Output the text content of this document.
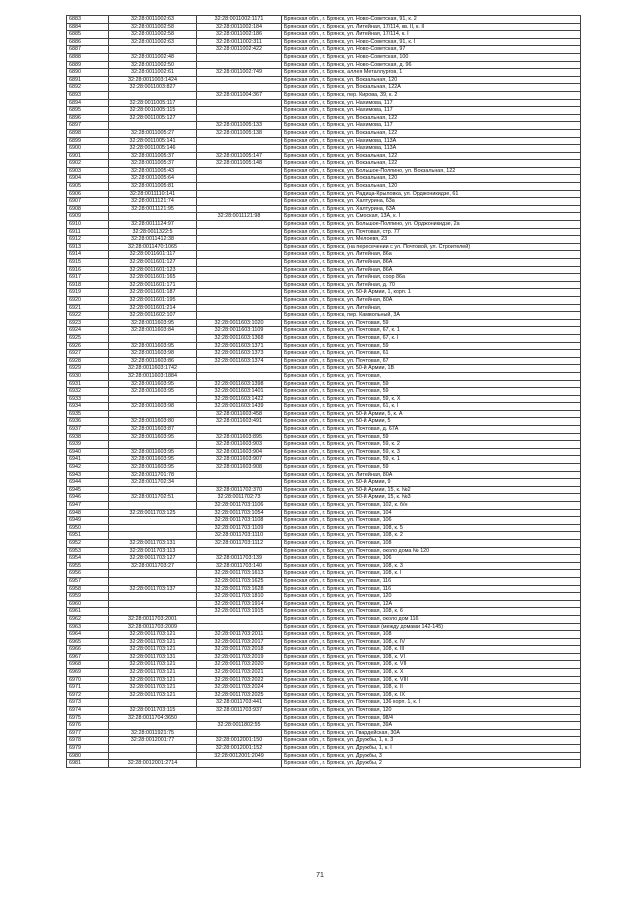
6883	32:28:0011002:63	32:28:0011002:1171	Брянская обл., г. Брянск, ул. Ново-Советская, 91, к. 2
6884	32:28:0011002:58	32:28:0011002:184	Брянская обл., г. Брянск, ул. Литейная, 17/114, кв. II, к. II
6885	32:28:0011002:58	32:28:0011002:186	Брянская обл., г. Брянск, ул. Литейная, 17/114, к. I
6886	32:28:0011002:63	32:28:0011002:311	Брянская обл., г. Брянск, ул. Ново-Советская, 91, к. I
6887		32:28:0011002:422	Брянская обл., г. Брянск, ул. Ново-Советская, 97
6888	32:28:0011002:48		Брянская обл., г. Брянск, ул. Ново-Советская, 100
6889	32:28:0011002:50		Брянская обл., г. Брянск, ул. Ново-Советская, д. 96
6890	32:28:0011002:61	32:28:0011002:749	Брянская обл., г. Брянск, аллея Металлургов, 1
6891	32:28:0011003:1424		Брянская обл., г. Брянск, ул. Вокзальная, 120
6892	32:28:0011003:827		Брянская обл., г. Брянск, ул. Вокзальная, 122А
6893		32:28:0011004:367	Брянская обл., г. Брянск, пер. Кирова, 39, к. 2
6894	32:28:0011005:117		Брянская обл., г. Брянск, ул. Нахимова, 117
6895	32:28:0011005:115		Брянская обл., г. Брянск, ул. Нахимова, 117
6896	32:28:0011005:127		Брянская обл., г. Брянск, ул. Вокзальная, 122
6897		32:28:0011005:133	Брянская обл., г. Брянск, ул. Нахимова, 117
6898	32:28:0011005:27	32:28:0011005:138	Брянская обл., г. Брянск, ул. Вокзальная, 122
6899	32:28:0011005:141		Брянская обл., г. Брянск, ул. Нахимова, 113А
6900	32:28:0011005:146		Брянская обл., г. Брянск, ул. Нахимова, 113А
6901	32:28:0011005:37	32:28:0011005:147	Брянская обл., г. Брянск, ул. Вокзальная, 122
6902	32:28:0011005:37	32:28:0011005:148	Брянская обл., г. Брянск, ул. Вокзальная, 122
6903	32:28:0011005:43		Брянская обл., г. Брянск, ул. Большое-Полпино, ул. Вокзальная, 122
6904	32:28:0011005:64		Брянская обл., г. Брянск, ул. Вокзальная, 120
6905	32:28:0011005:81		Брянская обл., г. Брянск, ул. Вокзальная, 120
6906	32:28:0011110:141		Брянская обл., г. Брянск, ул. Радица-Крыловка, ул. Орджоникидзе, 61
6907	32:28:0011121:74		Брянская обл., г. Брянск, ул. Халтурина, 63а
6908	32:28:0011121:95		Брянская обл., г. Брянск, ул. Халтурина, 63А
6909		32:28:0011121:98	Брянская обл., г. Брянск, ул. Смоская, 13А, к. I
6910	32:28:0011124:97		Брянская обл., г. Брянск, ул. Большое-Полпино, ул. Орджоникидзе, 2а
6911	32:28:0011322:5		Брянская обл., г. Брянск, ул. Почтовая, стр. 77
6912	32:28:0011412:38		Брянская обл., г. Брянск, ул. Мелоевя, 23
6913	32:28:0011470:1065		Брянская обл., г. Брянск, (на пересечении с ул. Почтовой, ул. Строителей)
6914	32:28:0011601:117		Брянская обл., г. Брянск, ул. Литейная, 86а
6915	32:28:0011601:127		Брянская обл., г. Брянск, ул. Литейная, 86А
6916	32:28:0011601:123		Брянская обл., г. Брянск, ул. Литейная, 86А
6917	32:28:0011601:165		Брянская обл., г. Брянск, ул. Литейная, соор 86а
6918	32:28:0011601:171		Брянская обл., г. Брянск, ул. Литейная, д. 70
6919	32:28:0011601:187		Брянская обл., г. Брянск, ул. 50-й Армии, 1, корп. 1
6920	32:28:0011601:195		Брянская обл., г. Брянск, ул. Литейная, 80А
6921	32:28:0011601:214		Брянская обл., г. Брянск, ул. Литейная,
6922	32:28:0011602:107		Брянская обл., г. Брянск, пер. Камвольный, 3А
6923	32:28:0011603:95	32:28:0011603:1020	Брянская обл., г. Брянск, ул. Почтовая, 59
6924	32:28:0011603:84	32:28:0011603:1109	Брянская обл., г. Брянск, ул. Почтовая, 67, к. 1
6925		32:28:0011603:1368	Брянская обл., г. Брянск, ул. Почтовая, 67, к. I
6926	32:28:0011603:95	32:28:0011603:1371	Брянская обл., г. Брянск, ул. Почтовая, 59
6927	32:28:0011603:98	32:28:0011603:1373	Брянская обл., г. Брянск, ул. Почтовая, 61
6928	32:28:0011603:86	32:28:0011603:1374	Брянская обл., г. Брянск, ул. Почтовая, 67
6929	32:28:0011603:1742		Брянская обл., г. Брянск, ул. 50-й Армии, 1В
6930	32:28:0011603:1884		Брянская обл., г. Брянск, ул. Почтовая,
6931	32:28:0011603:95	32:28:0011603:1398	Брянская обл., г. Брянск, ул. Почтовая, 59
6932	32:28:0011603:95	32:28:0011603:1401	Брянская обл., г. Брянск, ул. Почтовая, 59
6933		32:28:0011603:1422	Брянская обл., г. Брянск, ул. Почтовая, 59, к. X
6934	32:28:0011603:98	32:28:0011603:1439	Брянская обл., г. Брянск, ул. Почтовая, 61, к. I
6935		32:28:0011603:458	Брянская обл., г. Брянск, ул. 50-й Армии, 5, к. А
6936	32:28:0011603:80	32:28:0011603:491	Брянская обл., г. Брянск, ул. 50-й Армии, 5
6937	32:28:0011603:87		Брянская обл., г. Брянск, ул. Почтовая, д. 67А
6938	32:28:0011603:95	32:28:0011603:895	Брянская обл., г. Брянск, ул. Почтовая, 59
6939		32:28:0011603:903	Брянская обл., г. Брянск, ул. Почтовая, 59, к. 2
6940	32:28:0011603:95	32:28:0011603:904	Брянская обл., г. Брянск, ул. Почтовая, 59, к. 3
6941	32:28:0011603:95	32:28:0011603:907	Брянская обл., г. Брянск, ул. Почтовая, 59, к. 1
6942	32:28:0011603:95	32:28:0011603:908	Брянская обл., г. Брянск, ул. Почтовая, 59
6943	32:28:0011701:78		Брянская обл., г. Брянск, ул. Литейная, 80А
6944	32:28:0011702:34		Брянская обл., г. Брянск, ул. 50-й Армии, 9
6945		32:28:0011702:370	Брянская обл., г. Брянск, ул. 50-й Армии, 15, к. №2
6946	32:28:0011702:51	32:28:0011702:73	Брянская обл., г. Брянск, ул. 50-й Армии, 15, к. №3
6947		32:28:0011703:1106	Брянская обл., г. Брянск, ул. Почтовая, 102, к. б/н
6948	32:28:0011703:125	32:28:0011703:1054	Брянская обл., г. Брянск, ул. Почтовая, 104
6949		32:28:0011703:1108	Брянская обл., г. Брянск, ул. Почтовая, 106
6950		32:28:0011703:1109	Брянская обл., г. Брянск, ул. Почтовая, 108, к. 5
6951		32:28:0011703:1110	Брянская обл., г. Брянск, ул. Почтовая, 108, к. 2
6952	32:28:0011703:131	32:28:0011703:1112	Брянская обл., г. Брянск, ул. Почтовая, 108
6953	32:28:0011703:113		Брянская обл., г. Брянск, ул. Почтовая, около дома № 120
6954	32:28:0011703:127	32:28:0011703:139	Брянская обл., г. Брянск, ул. Почтовая, 106
6955	32:28:0011703:27	32:28:0011703:140	Брянская обл., г. Брянск, ул. Почтовая, 108, к. 3
6956		32:28:0011703:1613	Брянская обл., г. Брянск, ул. Почтовая, 108, к. I
6957		32:28:0011703:1625	Брянская обл., г. Брянск, ул. Почтовая, 116
6958	32:28:0011703:137	32:28:0011703:1628	Брянская обл., г. Брянск, ул. Почтовая, 116
6959		32:28:0011703:1810	Брянская обл., г. Брянск, ул. Почтовая, 120
6960		32:28:0011703:1914	Брянская обл., г. Брянск, ул. Почтовая, 12А
6961		32:28:0011703:1915	Брянская обл., г. Брянск, ул. Почтовая, 108, к. 6
6962	32:28:0011703:2001		Брянская обл., г. Брянск, ул. Почтовая, около дом 116
6963	32:28:0011703:2009		Брянская обл., г. Брянск, ул. Почтовая (между домами 142-145)
6964	32:28:0011703:121	32:28:0011703:2011	Брянская обл., г. Брянск, ул. Почтовая, 108
6965	32:28:0011703:121	32:28:0011703:2017	Брянская обл., г. Брянск, ул. Почтовая, 108, к. IV
6966	32:28:0011703:121	32:28:0011703:2018	Брянская обл., г. Брянск, ул. Почтовая, 108, к. III
6967	32:28:0011703:131	32:28:0011703:2019	Брянская обл., г. Брянск, ул. Почтовая, 108, к. VI
6968	32:28:0011703:121	32:28:0011703:2020	Брянская обл., г. Брянск, ул. Почтовая, 108, к. VII
6969	32:28:0011703:121	32:28:0011703:2021	Брянская обл., г. Брянск, ул. Почтовая, 108, к. X
6970	32:28:0011703:121	32:28:0011703:2022	Брянская обл., г. Брянск, ул. Почтовая, 108, к. VIII
6971	32:28:0011703:121	32:28:0011703:2024	Брянская обл., г. Брянск, ул. Почтовая, 108, к. II
6972	32:28:0011703:121	32:28:0011703:2025	Брянская обл., г. Брянск, ул. Почтовая, 108, к. IX
6973		32:28:0011703:441	Брянская обл., г. Брянск, ул. Почтовая, 136 корп. 1, к. I
6974	32:28:0011703:115	32:28:0011703:937	Брянская обл., г. Брянск, ул. Почтовая, 120
6975	32:28:0011704:3650		Брянская обл., г. Брянск, ул. Почтовая, 98/4
6976		32:28:0011802:55	Брянская обл., г. Брянск, ул. Почтовая, 39А
6977	32:28:0011921:75		Брянская обл., г. Брянск, ул. Гвардейская, 30А
6978	32:28:0012001:77	32:28:0012001:150	Брянская обл., г. Брянск, ул. Дружбы, 1, к. 3
6979		32:28:0012001:152	Брянская обл., г. Брянск, ул. Дружбы, 1, к. I
6980		32:28:0012001:2049	Брянская обл., г. Брянск, ул. Дружбы, 3
6981	32:28:0012001:2714		Брянская обл., г. Брянск, ул. Дружбы, 2
71
